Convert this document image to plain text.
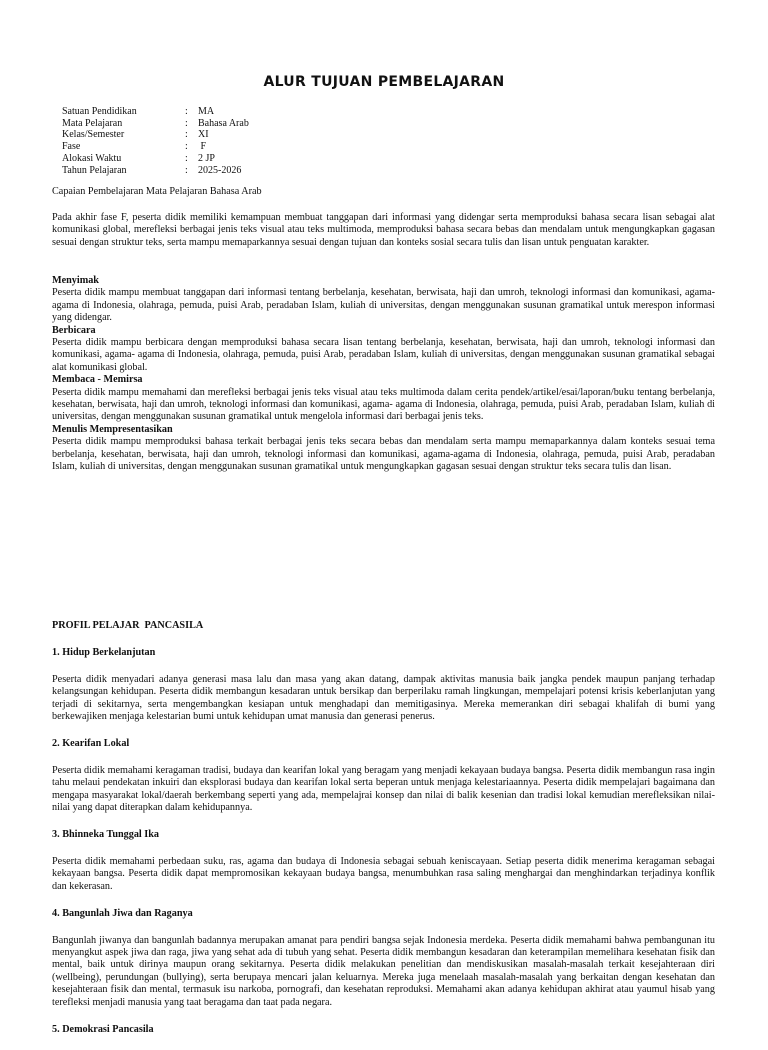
ALUR TUJUAN PEMBELAJARAN
Satuan Pendidikan	:	MA
Mata Pelajaran	:	Bahasa Arab
Kelas/Semester	:	XI
Fase	:	F
Alokasi Waktu	:	2 JP
Tahun Pelajaran	:	2025-2026
Capaian Pembelajaran Mata Pelajaran Bahasa Arab
Pada akhir fase F, peserta didik memiliki kemampuan membuat tanggapan dari informasi yang didengar serta memproduksi bahasa secara lisan sebagai alat komunikasi global, merefleksi berbagai jenis teks visual atau teks multimoda, memproduksi bahasa secara bebas dan mendalam untuk mengungkapkan gagasan sesuai dengan struktur teks, serta mampu memaparkannya sesuai dengan tujuan dan konteks sosial secara tulis dan lisan untuk penguatan karakter.
Menyimak

Peserta didik mampu membuat tanggapan dari informasi tentang berbelanja, kesehatan, berwisata, haji dan umroh, teknologi informasi dan komunikasi, agama-agama di Indonesia, olahraga, pemuda, puisi Arab, peradaban Islam, kuliah di universitas, dengan menggunakan susunan gramatikal untuk merespon informasi yang didengar.

Berbicara

Peserta didik mampu berbicara dengan memproduksi bahasa secara lisan tentang berbelanja, kesehatan, berwisata, haji dan umroh, teknologi informasi dan komunikasi, agama- agama di Indonesia, olahraga, pemuda, puisi Arab, peradaban Islam, kuliah di universitas, dengan menggunakan susunan gramatikal sebagai alat komunikasi global.

Membaca - Memirsa

Peserta didik mampu memahami dan merefleksi berbagai jenis teks visual atau teks multimoda dalam cerita pendek/artikel/esai/laporan/buku tentang berbelanja, kesehatan, berwisata, haji dan umroh, teknologi informasi dan komunikasi, agama- agama di Indonesia, olahraga, pemuda, puisi Arab, peradaban Islam, kuliah di universitas, dengan menggunakan susunan gramatikal untuk mengelola informasi dari berbagai jenis teks.

Menulis Mempresentasikan

Peserta didik mampu memproduksi bahasa terkait berbagai jenis teks secara bebas dan mendalam serta mampu memaparkannya dalam konteks sesuai tema berbelanja, kesehatan, berwisata, haji dan umroh, teknologi informasi dan komunikasi, agama-agama di Indonesia, olahraga, pemuda, puisi Arab, peradaban Islam, kuliah di universitas, dengan menggunakan susunan gramatikal untuk mengungkapkan gagasan sesuai dengan struktur teks secara tulis dan lisan.

PROFIL PELAJAR  PANCASILA
1. Hidup Berkelanjutan

Peserta didik menyadari adanya generasi masa lalu dan masa yang akan datang, dampak aktivitas manusia baik jangka pendek maupun panjang terhadap kelangsungan kehidupan. Peserta didik membangun kesadaran untuk bersikap dan berperilaku ramah lingkungan, mempelajari potensi krisis keberlanjutan yang terjadi di sekitarnya, serta mengembangkan kesiapan untuk menghadapi dan memitigasinya. Mereka memerankan diri sebagai khalifah di bumi yang berkewajiken menjaga kelestarian bumi untuk kehidupan umat manusia dan generasi penerus.

2. Kearifan Lokal

Peserta didik memahami keragaman tradisi, budaya dan kearifan lokal yang beragam yang menjadi kekayaan budaya bangsa. Peserta didik membangun rasa ingin tahu melaui pendekatan inkuiri dan eksplorasi budaya dan kearifan lokal serta beperan untuk menjaga kelestariaannya. Peserta didik mempelajari bagaimana dan mengapa masyarakat lokal/daerah berkembang seperti yang ada, mempelajrai konsep dan nilai di balik kesenian dan tradisi lokal kemudian merefleksikan nilai-nilai yang dapat diterapkan dalam kehidupannya.

3. Bhinneka Tunggal Ika

Peserta didik memahami perbedaan suku, ras, agama dan budaya di Indonesia sebagai sebuah keniscayaan. Setiap peserta didik menerima keragaman sebagai kekayaan bangsa. Peserta didik dapat mempromosikan kekayaan budaya bangsa, menumbuhkan rasa saling menghargai dan menghindarkan terjadinya konflik dan kekerasan.

4. Bangunlah Jiwa dan Raganya

Bangunlah jiwanya dan bangunlah badannya merupakan amanat para pendiri bangsa sejak Indonesia merdeka. Peserta didik memahami bahwa pembangunan itu menyangkut aspek jiwa dan raga, jiwa yang sehat ada di tubuh yang sehat. Peserta didik membangun kesadaran dan keterampilan memelihara kesehatan fisik dan mental, baik untuk dirinya maupun orang sekitarnya. Peserta didik melakukan penelitian dan mendiskusikan masalah-masalah terkait kesejahteraan diri (wellbeing), perundungan (bullying), serta berupaya mencari jalan keluarnya. Mereka juga menelaah masalah-masalah yang berkaitan dengan kesehatan dan kesejahteraan fisik dan mental, termasuk isu narkoba, pornografi, dan kesehatan reproduksi. Memahami akan adanya kehidupan akhirat atau yaumul hisab yang terefleksi menjadi manusia yang taat beragama dan taat pada negara.

5. Demokrasi Pancasila
